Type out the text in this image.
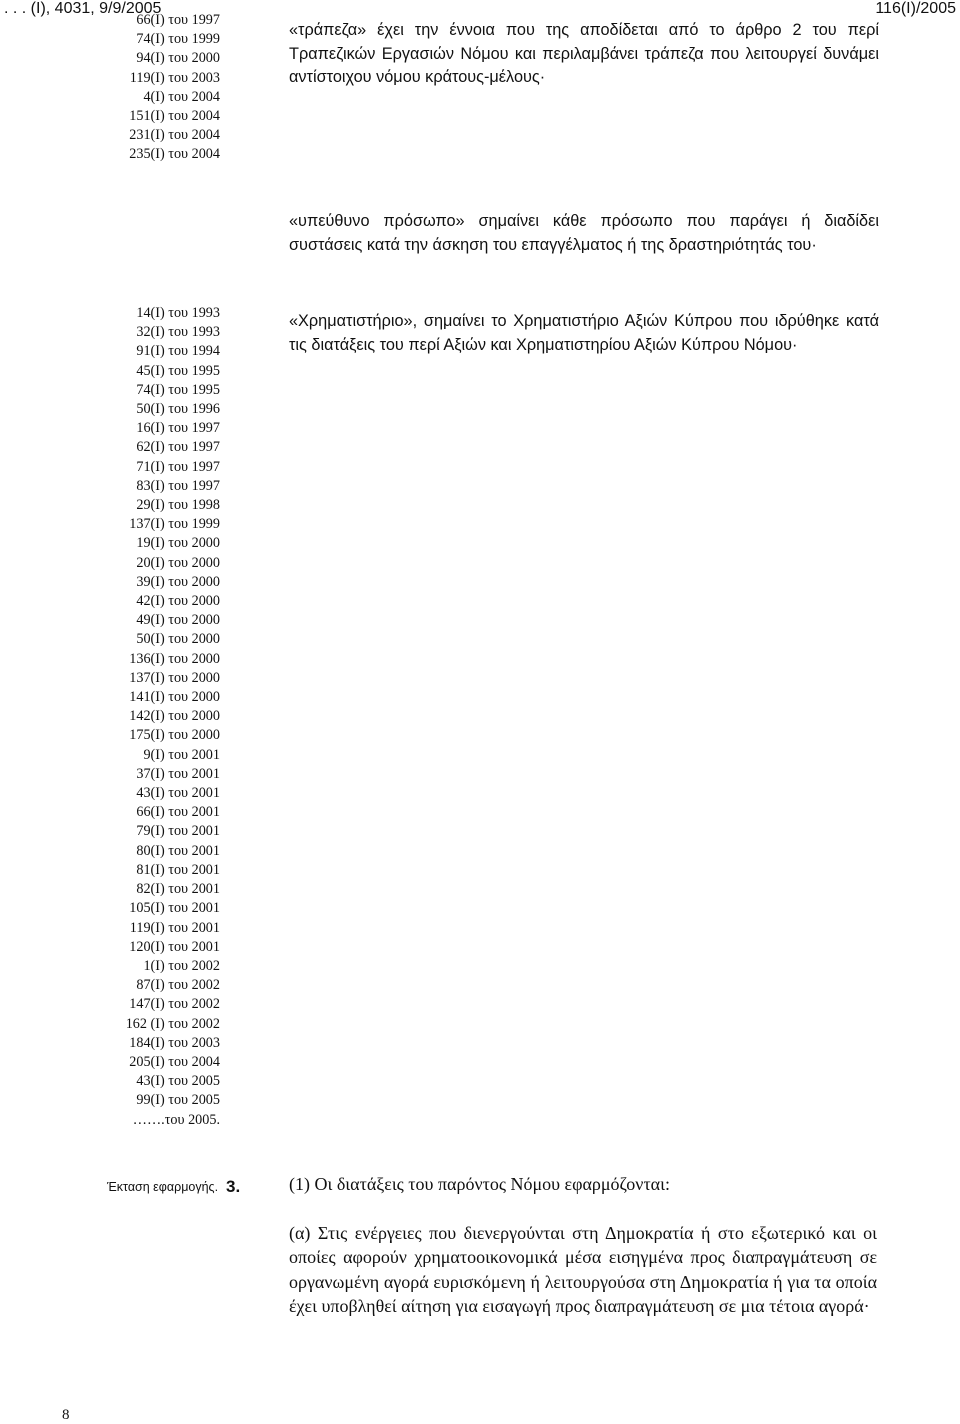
. . . (Ι), 4031, 9/9/2005	116(Ι)/2005
66(Ι) του 1997
74(Ι) του 1999
94(Ι) του 2000
119(Ι) του 2003
4(Ι) του 2004
151(Ι) του 2004
231(Ι) του 2004
235(Ι) του 2004

«τράπεζα» έχει την έννοια που της αποδίδεται από το άρθρο 2 του περί Τραπεζικών Εργασιών Νόμου και περιλαμβάνει τράπεζα που λειτουργεί δυνάμει αντίστοιχου νόμου κράτους-μέλους·

«υπεύθυνο πρόσωπο» σημαίνει κάθε πρόσωπο που παράγει ή διαδίδει συστάσεις κατά την άσκηση του επαγγέλματος ή της δραστηριότητάς του·

14(Ι) του 1993
32(Ι) του 1993
91(Ι) του 1994
45(Ι) του 1995
74(Ι) του 1995
50(Ι) του 1996
16(Ι) του 1997
62(Ι) του 1997
71(Ι) του 1997
83(Ι) του 1997
29(Ι) του 1998
137(Ι) του 1999
19(Ι) του 2000
20(Ι) του 2000
39(Ι) του 2000
42(Ι) του 2000
49(Ι) του 2000
50(Ι) του 2000
136(Ι) του 2000
137(Ι) του 2000
141(Ι) του 2000
142(Ι) του 2000
175(Ι) του 2000
9(Ι) του 2001
37(Ι) του 2001
43(Ι) του 2001
66(Ι) του 2001
79(Ι) του 2001
80(Ι) του 2001
81(Ι) του 2001
82(Ι) του 2001
105(Ι) του 2001
119(Ι) του 2001
120(Ι) του 2001
1(Ι) του 2002
87(Ι) του 2002
147(Ι) του 2002
162 (Ι) του 2002
184(Ι) του 2003
205(Ι) του 2004
43(Ι) του 2005
99(Ι) του 2005
…….του 2005.

«Χρηματιστήριο», σημαίνει το Χρηματιστήριο Αξιών Κύπρου που ιδρύθηκε κατά τις διατάξεις του περί Αξιών και Χρηματιστηρίου Αξιών Κύπρου Νόμου·

Έκταση εφαρμογής. 3.	(1) Οι διατάξεις του παρόντος Νόμου εφαρμόζονται:

(α) Στις ενέργειες που διενεργούνται στη Δημοκρατία ή στο εξωτερικό και οι οποίες αφορούν χρηματοοικονομικά μέσα εισηγμένα προς διαπραγμάτευση σε οργανωμένη αγορά ευρισκόμενη ή λειτουργούσα στη Δημοκρατία ή για τα οποία έχει υποβληθεί αίτηση για εισαγωγή προς διαπραγμάτευση σε μια τέτοια αγορά·

8
